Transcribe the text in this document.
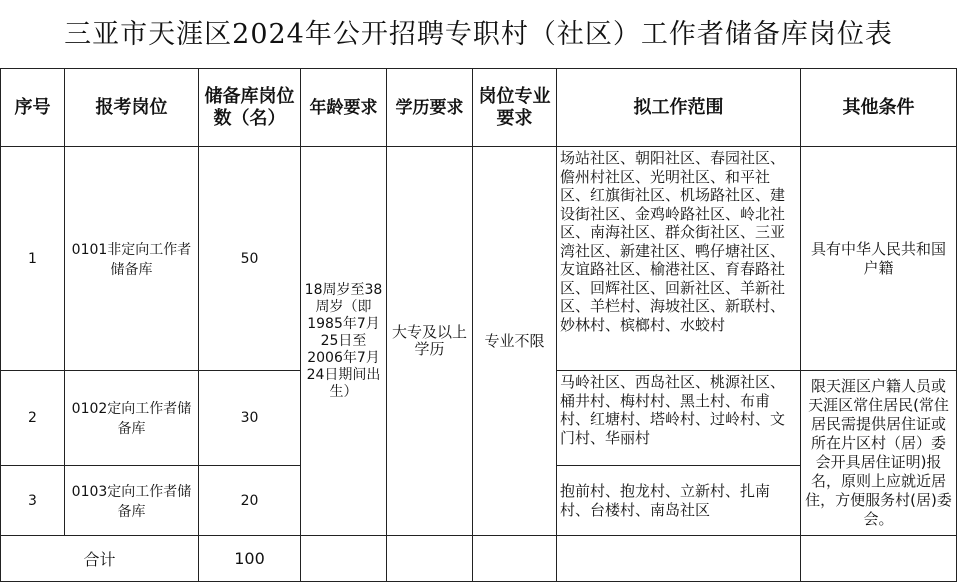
三亚市天涯区2024年公开招聘专职村（社区）工作者储备库岗位表
序号	报考岗位	储备库岗位数（名）	年龄要求	学历要求	岗位专业要求	拟工作范围	其他条件
1	0101非定向工作者储备库	50	18周岁至38周岁（即1985年7月25日至2006年7月24日期间出生）	大专及以上学历	专业不限	场站社区、朝阳社区、春园社区、儋州村社区、光明社区、和平社区、红旗街社区、机场路社区、建设街社区、金鸡岭路社区、岭北社区、南海社区、群众街社区、三亚湾社区、新建社区、鸭仔塘社区、友谊路社区、榆港社区、育春路社区、回辉社区、回新社区、羊新社区、羊栏村、海坡社区、新联村、妙林村、槟榔村、水蛟村	具有中华人民共和国户籍
2	0102定向工作者储备库	30				马岭社区、西岛社区、桃源社区、桶井村、梅村村、黑土村、布甫村、红塘村、塔岭村、过岭村、文门村、华丽村	限天涯区户籍人员或天涯区常住居民(常住居民需提供居住证或所在片区村（居）委会开具居住证明)报名，原则上应就近居住，方便服务村(居)委会。
3	0103定向工作者储备库	20				抱前村、抱龙村、立新村、扎南村、台楼村、南岛社区	
合计		100					
